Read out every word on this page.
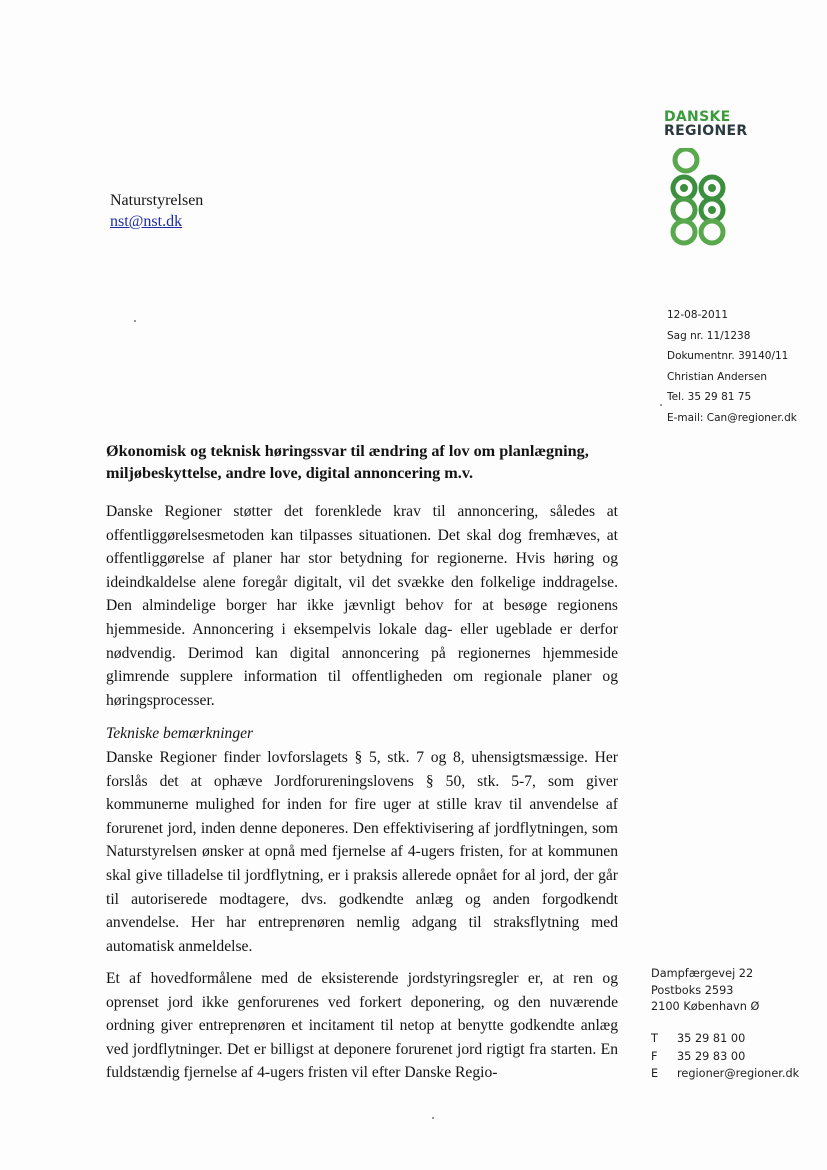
DANSKE
REGIONER
Naturstyrelsen
nst@nst.dk
12-08-2011
Sag nr. 11/1238
Dokumentnr. 39140/11
Christian Andersen
Tel. 35 29 81 75
E-mail: Can@regioner.dk
Økonomisk og teknisk høringssvar til ændring af lov om planlægning,
miljøbeskyttelse, andre love, digital annoncering m.v.
Danske Regioner støtter det forenklede krav til annoncering, således at offentliggørelsesmetoden kan tilpasses situationen. Det skal dog fremhæves, at offentliggørelse af planer har stor betydning for regionerne. Hvis høring og ideindkaldelse alene foregår digitalt, vil det svække den folkelige inddragelse. Den almindelige borger har ikke jævnligt behov for at besøge regionens hjemmeside. Annoncering i eksempelvis lokale dag- eller ugeblade er derfor nødvendig. Derimod kan digital annoncering på regionernes hjemmeside glimrende supplere information til offentligheden om regionale planer og høringsprocesser.
Tekniske bemærkninger
Danske Regioner finder lovforslagets § 5, stk. 7 og 8, uhensigtsmæssige. Her forslås det at ophæve Jordforureningslovens § 50, stk. 5-7, som giver kommunerne mulighed for inden for fire uger at stille krav til anvendelse af forurenet jord, inden denne deponeres. Den effektivisering af jordflytningen, som Naturstyrelsen ønsker at opnå med fjernelse af 4-ugers fristen, for at kommunen skal give tilladelse til jordflytning, er i praksis allerede opnået for al jord, der går til autoriserede modtagere, dvs. godkendte anlæg og anden forgodkendt anvendelse. Her har entreprenøren nemlig adgang til straksflytning med automatisk anmeldelse.
Et af hovedformålene med de eksisterende jordstyringsregler er, at ren og oprenset jord ikke genforurenes ved forkert deponering, og den nuværende ordning giver entreprenøren et incitament til netop at benytte godkendte anlæg ved jordflytninger. Det er billigst at deponere forurenet jord rigtigt fra starten. En fuldstændig fjernelse af 4-ugers fristen vil efter Danske Regio-
Dampfærgevej 22
Postboks 2593
2100 København Ø
T	35 29 81 00
F	35 29 83 00
E	regioner@regioner.dk
